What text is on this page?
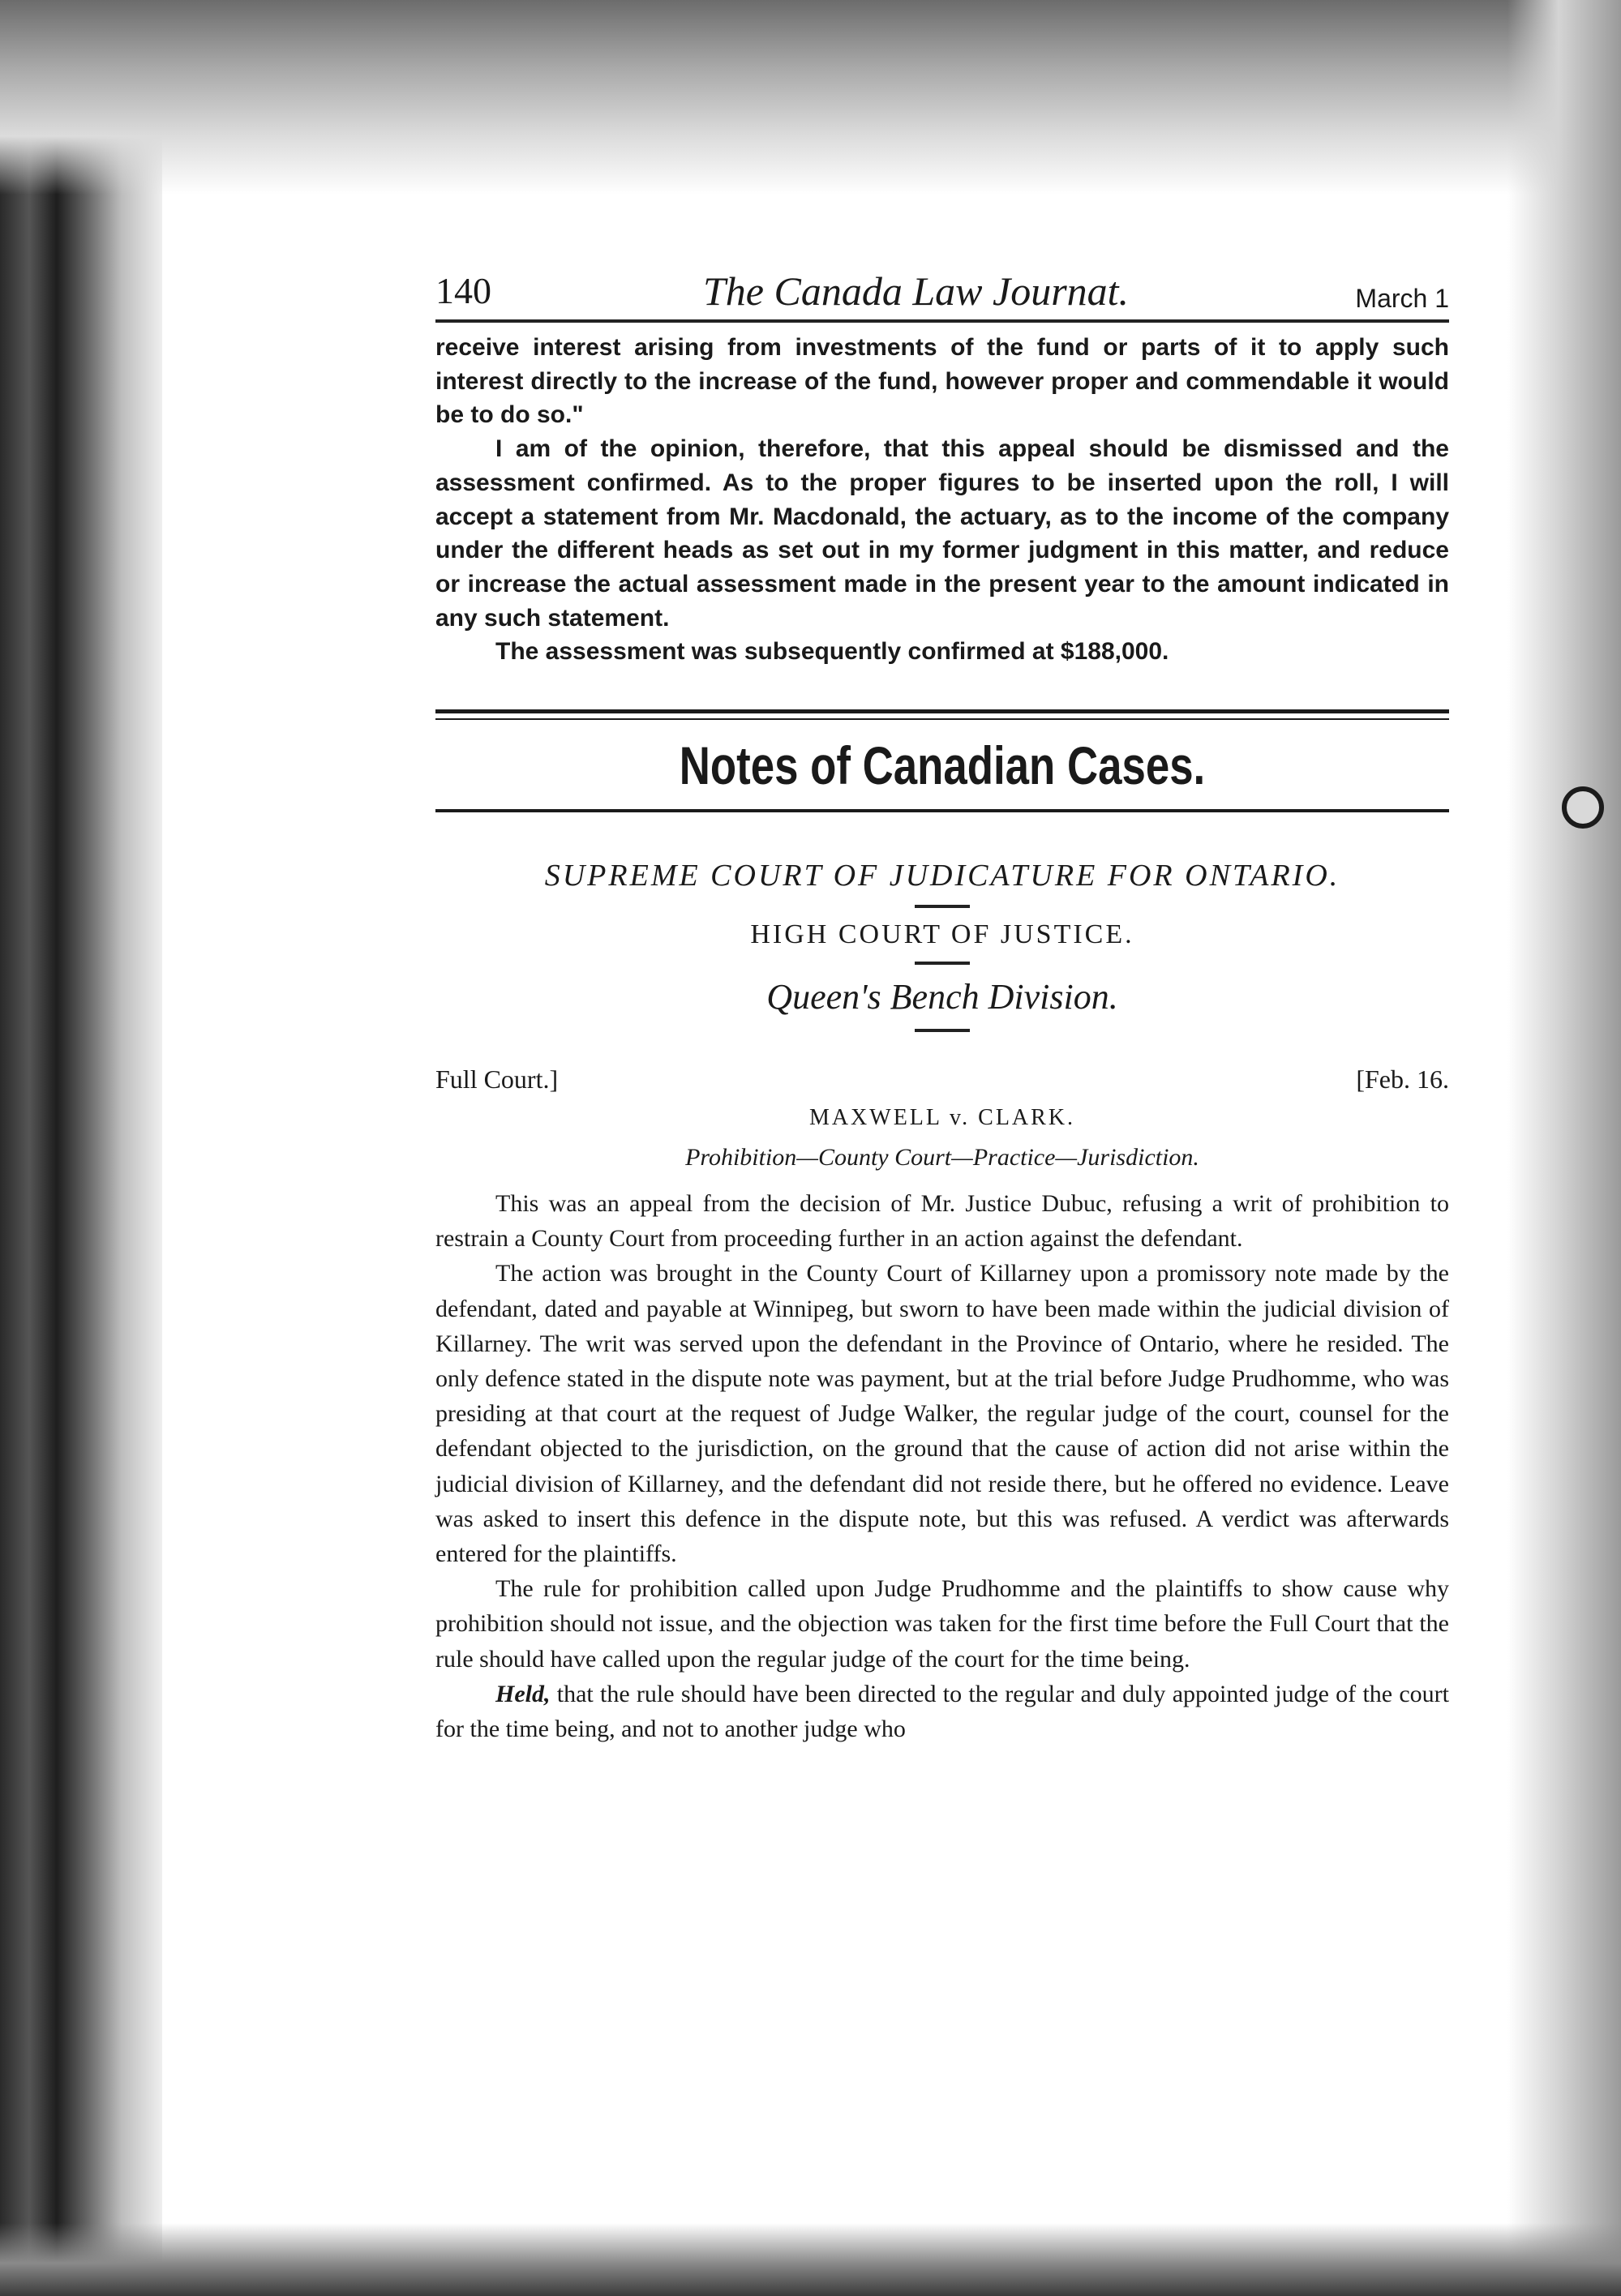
140	The Canada Law Journat.	March 1

receive interest arising from investments of the fund or parts of it to apply such interest directly to the increase of the fund, however proper and commendable it would be to do so."

I am of the opinion, therefore, that this appeal should be dismissed and the assessment confirmed. As to the proper figures to be inserted upon the roll, I will accept a statement from Mr. Macdonald, the actuary, as to the income of the company under the different heads as set out in my former judgment in this matter, and reduce or increase the actual assessment made in the present year to the amount indicated in any such statement.

The assessment was subsequently confirmed at $188,000.

Notes of Canadian Cases.
SUPREME COURT OF JUDICATURE FOR ONTARIO.
HIGH COURT OF JUSTICE.
Queen's Bench Division.
Full Court.]	[Feb. 16.
MAXWELL v. CLARK.
Prohibition—County Court—Practice—Jurisdiction.

This was an appeal from the decision of Mr. Justice Dubuc, refusing a writ of prohibition to restrain a County Court from proceeding further in an action against the defendant.

The action was brought in the County Court of Killarney upon a promissory note made by the defendant, dated and payable at Winnipeg, but sworn to have been made within the judicial division of Killarney. The writ was served upon the defendant in the Province of Ontario, where he resided. The only defence stated in the dispute note was payment, but at the trial before Judge Prudhomme, who was presiding at that court at the request of Judge Walker, the regular judge of the court, counsel for the defendant objected to the jurisdiction, on the ground that the cause of action did not arise within the judicial division of Killarney, and the defendant did not reside there, but he offered no evidence. Leave was asked to insert this defence in the dispute note, but this was refused. A verdict was afterwards entered for the plaintiffs.

The rule for prohibition called upon Judge Prudhomme and the plaintiffs to show cause why prohibition should not issue, and the objection was taken for the first time before the Full Court that the rule should have called upon the regular judge of the court for the time being.

Held, that the rule should have been directed to the regular and duly appointed judge of the court for the time being, and not to another judge who
